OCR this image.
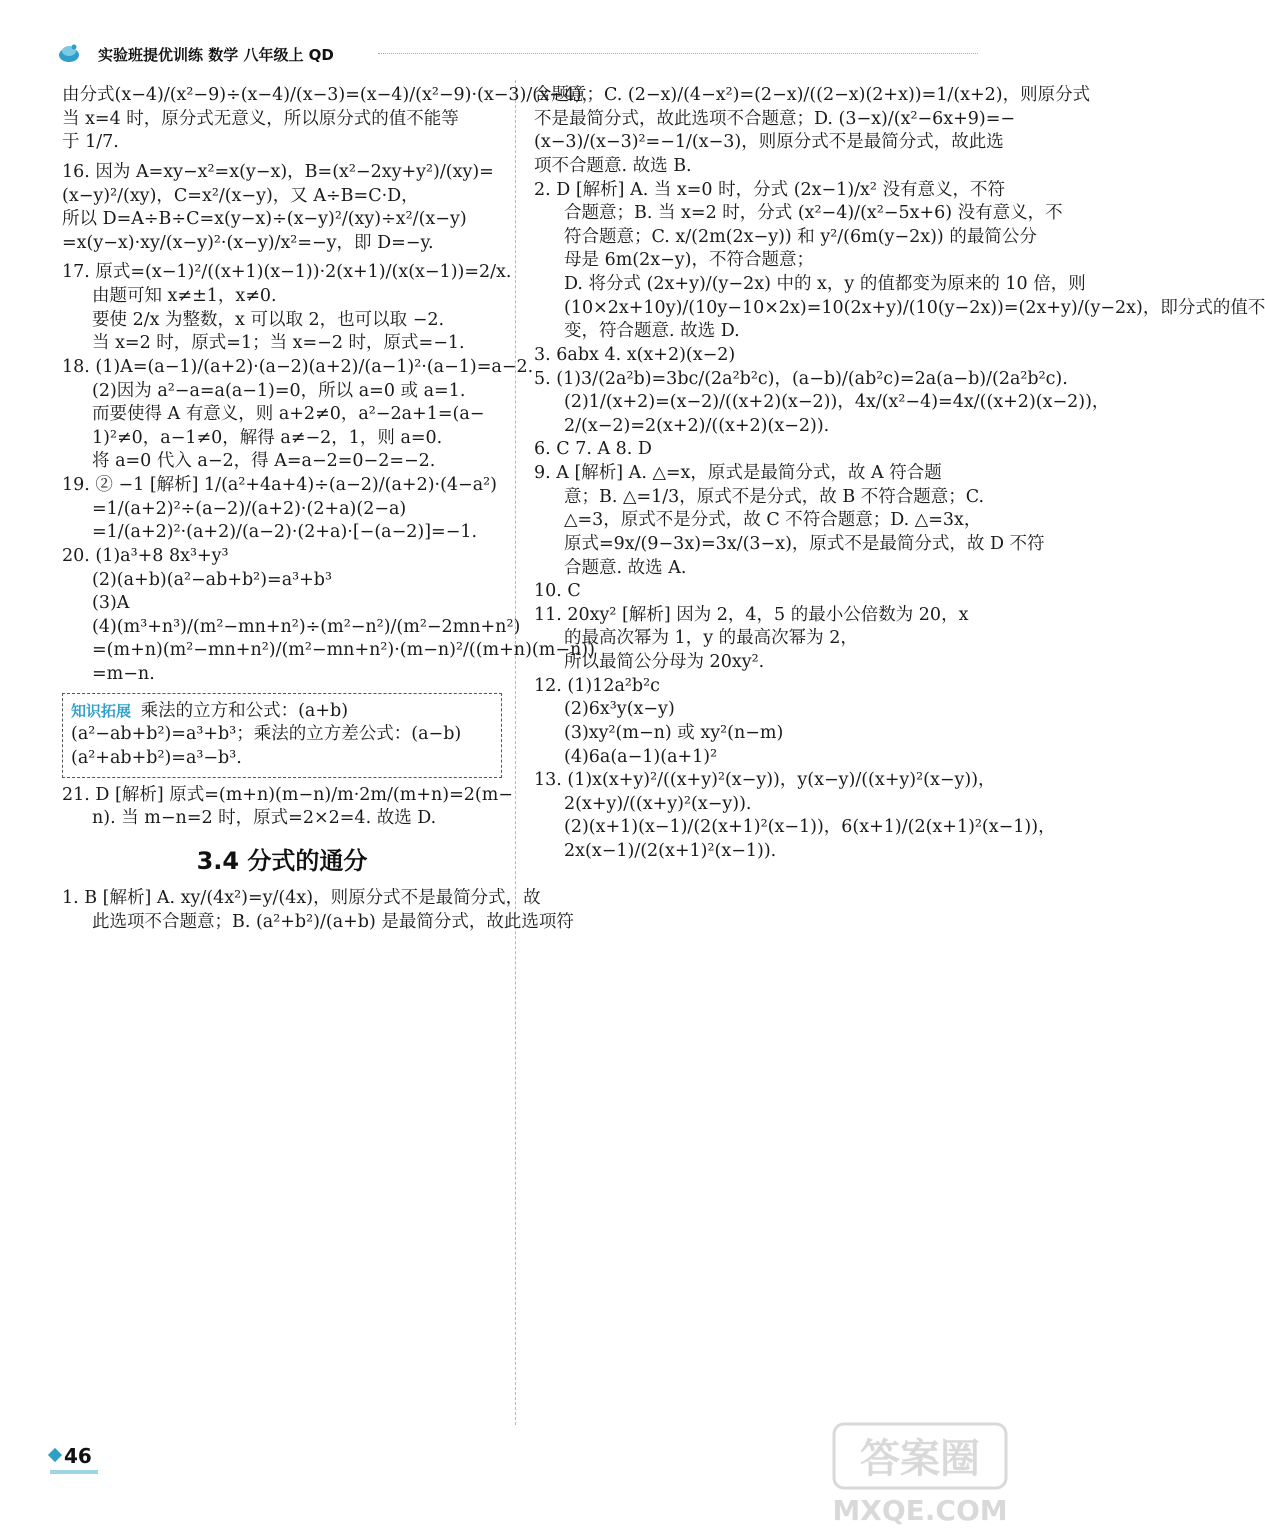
实验班提优训练 数学 八年级上 QD

由分式(x−4)/(x²−9)÷(x−4)/(x−3)=(x−4)/(x²−9)·(x−3)/(x−4)，

当 x=4 时，原分式无意义，所以原分式的值不能等

于 1/7.

16. 因为 A=xy−x²=x(y−x)，B=(x²−2xy+y²)/(xy)=

(x−y)²/(xy)，C=x²/(x−y)，又 A÷B=C·D，

所以 D=A÷B÷C=x(y−x)÷(x−y)²/(xy)÷x²/(x−y)

=x(y−x)·xy/(x−y)²·(x−y)/x²=−y，即 D=−y.

17. 原式=(x−1)²/((x+1)(x−1))·2(x+1)/(x(x−1))=2/x.

由题可知 x≠±1，x≠0.

要使 2/x 为整数，x 可以取 2，也可以取 −2.

当 x=2 时，原式=1；当 x=−2 时，原式=−1.

18. (1)A=(a−1)/(a+2)·(a−2)(a+2)/(a−1)²·(a−1)=a−2.

(2)因为 a²−a=a(a−1)=0，所以 a=0 或 a=1.

而要使得 A 有意义，则 a+2≠0，a²−2a+1=(a−

1)²≠0，a−1≠0，解得 a≠−2，1，则 a=0.

将 a=0 代入 a−2，得 A=a−2=0−2=−2.

19. ② −1 [解析] 1/(a²+4a+4)÷(a−2)/(a+2)·(4−a²)

=1/(a+2)²÷(a−2)/(a+2)·(2+a)(2−a)

=1/(a+2)²·(a+2)/(a−2)·(2+a)·[−(a−2)]=−1.

20. (1)a³+8 8x³+y³

(2)(a+b)(a²−ab+b²)=a³+b³

(3)A

(4)(m³+n³)/(m²−mn+n²)÷(m²−n²)/(m²−2mn+n²)

=(m+n)(m²−mn+n²)/(m²−mn+n²)·(m−n)²/((m+n)(m−n))

=m−n.

知识拓展 乘法的立方和公式：(a+b)(a²−ab+b²)=a³+b³；乘法的立方差公式：(a−b)(a²+ab+b²)=a³−b³.

21. D [解析] 原式=(m+n)(m−n)/m·2m/(m+n)=2(m−

n). 当 m−n=2 时，原式=2×2=4. 故选 D.

3.4 分式的通分

1. B [解析] A. xy/(4x²)=y/(4x)，则原分式不是最简分式，故

此选项不合题意；B. (a²+b²)/(a+b) 是最简分式，故此选项符

合题意；C. (2−x)/(4−x²)=(2−x)/((2−x)(2+x))=1/(x+2)，则原分式

不是最简分式，故此选项不合题意；D. (3−x)/(x²−6x+9)=−

(x−3)/(x−3)²=−1/(x−3)，则原分式不是最简分式，故此选

项不合题意. 故选 B.

2. D [解析] A. 当 x=0 时，分式 (2x−1)/x² 没有意义，不符

合题意；B. 当 x=2 时，分式 (x²−4)/(x²−5x+6) 没有意义，不

符合题意；C. x/(2m(2x−y)) 和 y²/(6m(y−2x)) 的最简公分

母是 6m(2x−y)，不符合题意；

D. 将分式 (2x+y)/(y−2x) 中的 x，y 的值都变为原来的 10 倍，则

(10×2x+10y)/(10y−10×2x)=10(2x+y)/(10(y−2x))=(2x+y)/(y−2x)，即分式的值不

变，符合题意. 故选 D.

3. 6abx 4. x(x+2)(x−2)

5. (1)3/(2a²b)=3bc/(2a²b²c)，(a−b)/(ab²c)=2a(a−b)/(2a²b²c).

(2)1/(x+2)=(x−2)/((x+2)(x−2))，4x/(x²−4)=4x/((x+2)(x−2))，

2/(x−2)=2(x+2)/((x+2)(x−2)).

6. C 7. A 8. D

9. A [解析] A. △=x，原式是最简分式，故 A 符合题

意；B. △=1/3，原式不是分式，故 B 不符合题意；C.

△=3，原式不是分式，故 C 不符合题意；D. △=3x，

原式=9x/(9−3x)=3x/(3−x)，原式不是最简分式，故 D 不符

合题意. 故选 A.

10. C

11. 20xy² [解析] 因为 2，4，5 的最小公倍数为 20，x

的最高次幂为 1，y 的最高次幂为 2，

所以最简公分母为 20xy².

12. (1)12a²b²c

(2)6x³y(x−y)

(3)xy²(m−n) 或 xy²(n−m)

(4)6a(a−1)(a+1)²

13. (1)x(x+y)²/((x+y)²(x−y))，y(x−y)/((x+y)²(x−y))，

2(x+y)/((x+y)²(x−y)).

(2)(x+1)(x−1)/(2(x+1)²(x−1))，6(x+1)/(2(x+1)²(x−1))，

2x(x−1)/(2(x+1)²(x−1)).

46	答案圈
MXQE.COM
